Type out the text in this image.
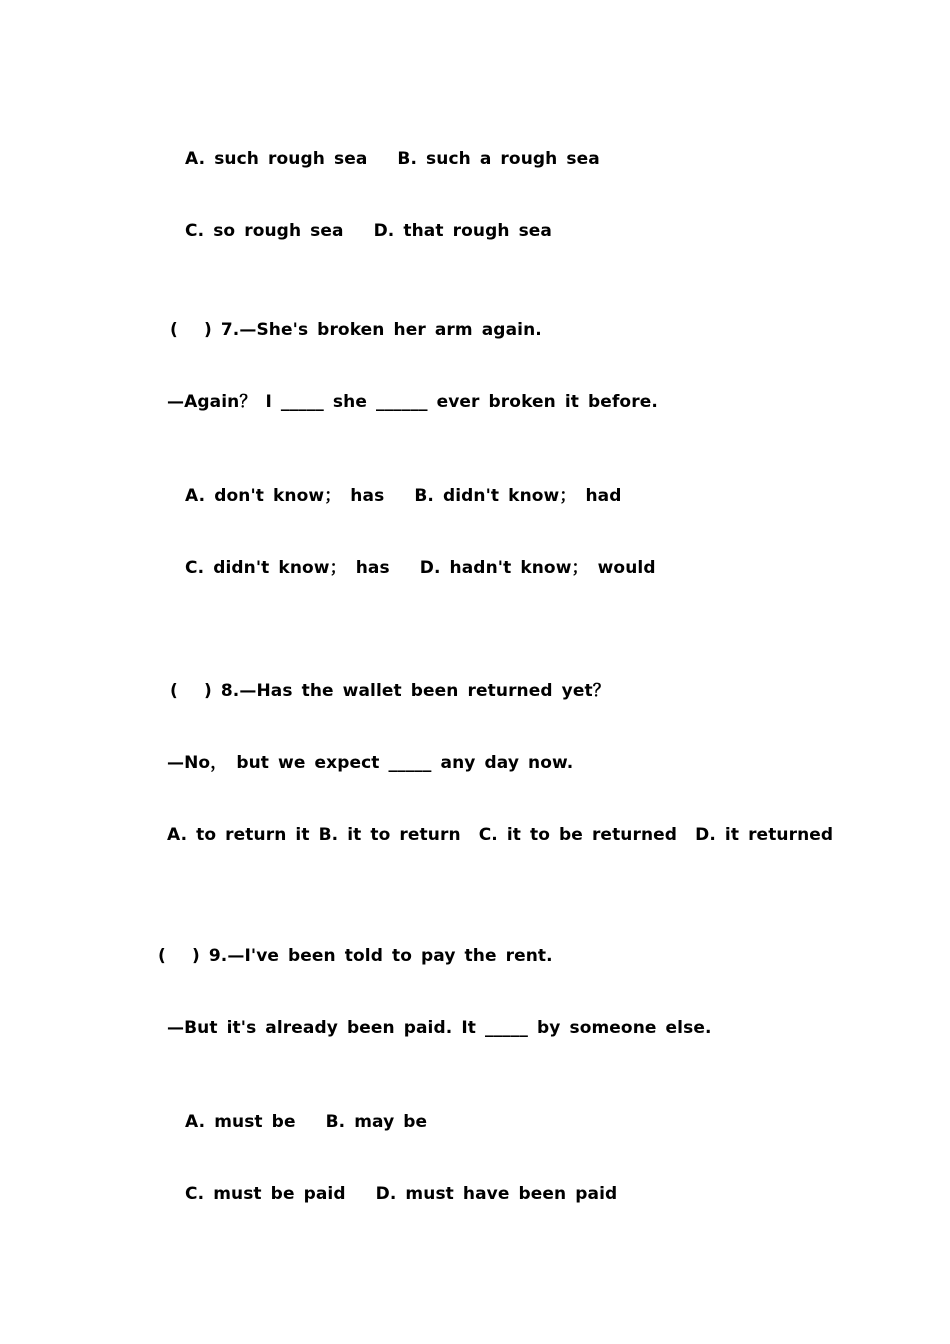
A. such rough sea B. such a rough sea

C. so rough sea D. that rough sea

(　 ) 7.—She's broken her arm again.
—Again？ I _____ she ______ ever broken it before.

A. don't know； has B. didn't know； had

C. didn't know； has D. hadn't know； would

(　 ) 8.—Has the wallet been returned yet？
—No， but we expect _____ any day now.
A. to return it B. it to return  C. it to be returned  D. it returned
(　 ) 9.—I've been told to pay the rent.
—But it's already been paid. It _____ by someone else.

A. must be B. may be

C. must be paid D. must have been paid
